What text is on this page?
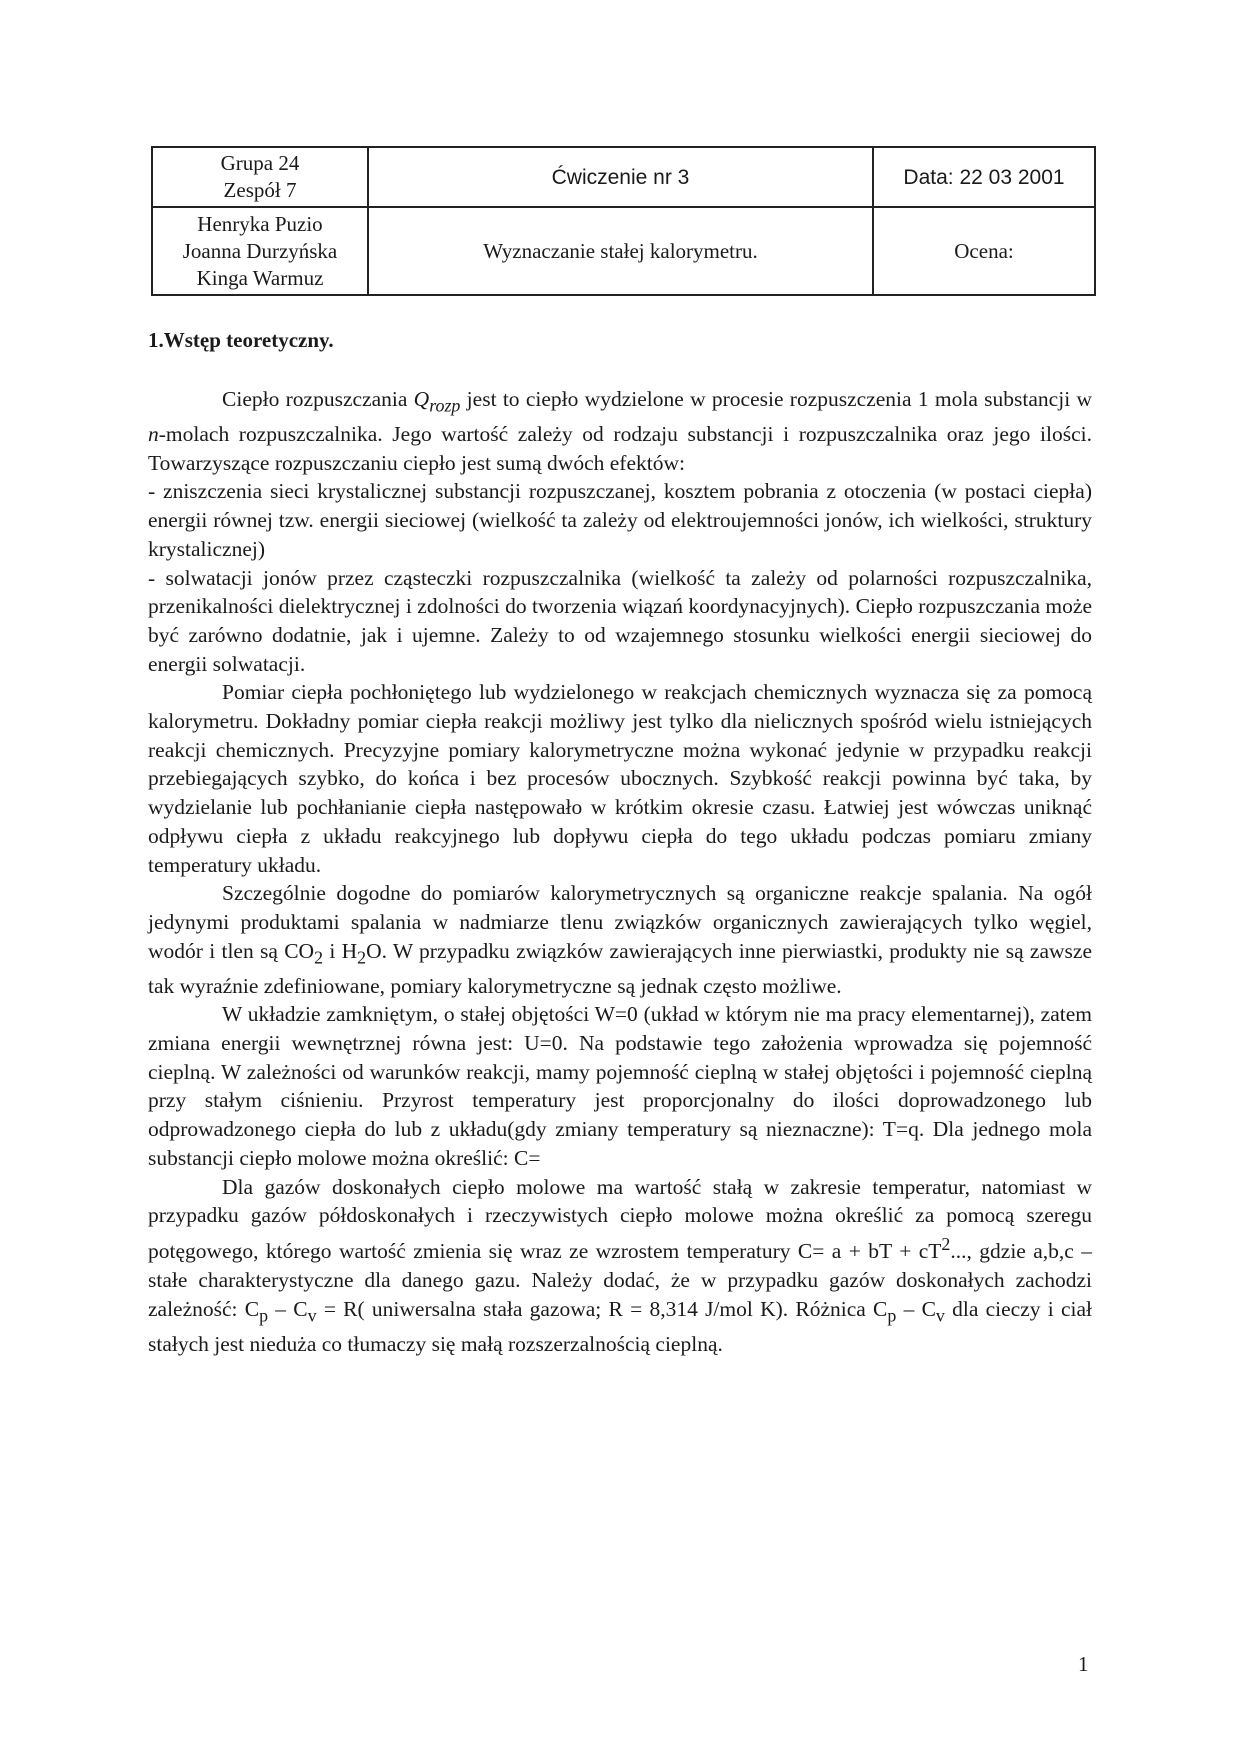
Grupa 24
Zespół 7	Ćwiczenie nr 3	Data: 22 03 2001

Henryka Puzio
Joanna Durzyńska
Kinga Warmuz	Wyznaczanie stałej kalorymetru.	Ocena:
1.Wstęp teoretyczny.

Ciepło rozpuszczania $Q_{rozp}$ jest to ciepło wydzielone w procesie rozpuszczenia 1 mola substancji w n-molach rozpuszczalnika. Jego wartość zależy od rodzaju substancji i rozpuszczalnika oraz jego ilości. Towarzyszące rozpuszczaniu ciepło jest sumą dwóch efektów:

- zniszczenia sieci krystalicznej substancji rozpuszczanej, kosztem pobrania z otoczenia (w postaci ciepła) energii równej tzw. energii sieciowej (wielkość ta zależy od elektroujemności jonów, ich wielkości, struktury krystalicznej)

- solwatacji jonów przez cząsteczki rozpuszczalnika (wielkość ta zależy od polarności rozpuszczalnika, przenikalności dielektrycznej i zdolności do tworzenia wiązań koordynacyjnych). Ciepło rozpuszczania może być zarówno dodatnie, jak i ujemne. Zależy to od wzajemnego stosunku wielkości energii sieciowej do energii solwatacji.

Pomiar ciepła pochłoniętego lub wydzielonego w reakcjach chemicznych wyznacza się za pomocą kalorymetru. Dokładny pomiar ciepła reakcji możliwy jest tylko dla nielicznych spośród wielu istniejących reakcji chemicznych. Precyzyjne pomiary kalorymetryczne można wykonać jedynie w przypadku reakcji przebiegających szybko, do końca i bez procesów ubocznych. Szybkość reakcji powinna być taka, by wydzielanie lub pochłanianie ciepła następowało w krótkim okresie czasu. Łatwiej jest wówczas uniknąć odpływu ciepła z układu reakcyjnego lub dopływu ciepła do tego układu podczas pomiaru zmiany temperatury układu.

Szczególnie dogodne do pomiarów kalorymetrycznych są organiczne reakcje spalania. Na ogół jedynymi produktami spalania w nadmiarze tlenu związków organicznych zawierających tylko węgiel, wodór i tlen są $CO_2$ i $H_2O$. W przypadku związków zawierających inne pierwiastki, produkty nie są zawsze tak wyraźnie zdefiniowane, pomiary kalorymetryczne są jednak często możliwe.

W układzie zamkniętym, o stałej objętości W=0 (układ w którym nie ma pracy elementarnej), zatem zmiana energii wewnętrznej równa jest: U=0. Na podstawie tego założenia wprowadza się pojemność cieplną. W zależności od warunków reakcji, mamy pojemność cieplną w stałej objętości i pojemność cieplną przy stałym ciśnieniu. Przyrost temperatury jest proporcjonalny do ilości doprowadzonego lub odprowadzonego ciepła do lub z układu(gdy zmiany temperatury są nieznaczne): T=q. Dla jednego mola substancji ciepło molowe można określić: C=

Dla gazów doskonałych ciepło molowe ma wartość stałą w zakresie temperatur, natomiast w przypadku gazów półdoskonałych i rzeczywistych ciepło molowe można określić za pomocą szeregu potęgowego, którego wartość zmienia się wraz ze wzrostem temperatury C= a + bT + $cT^2$..., gdzie a,b,c – stałe charakterystyczne dla danego gazu. Należy dodać, że w przypadku gazów doskonałych zachodzi zależność: $C_p - C_v = R$( uniwersalna stała gazowa; R = 8,314 J/mol K). Różnica $C_p - C_v$ dla cieczy i ciał stałych jest nieduża co tłumaczy się małą rozszerzalnością cieplną.

1
